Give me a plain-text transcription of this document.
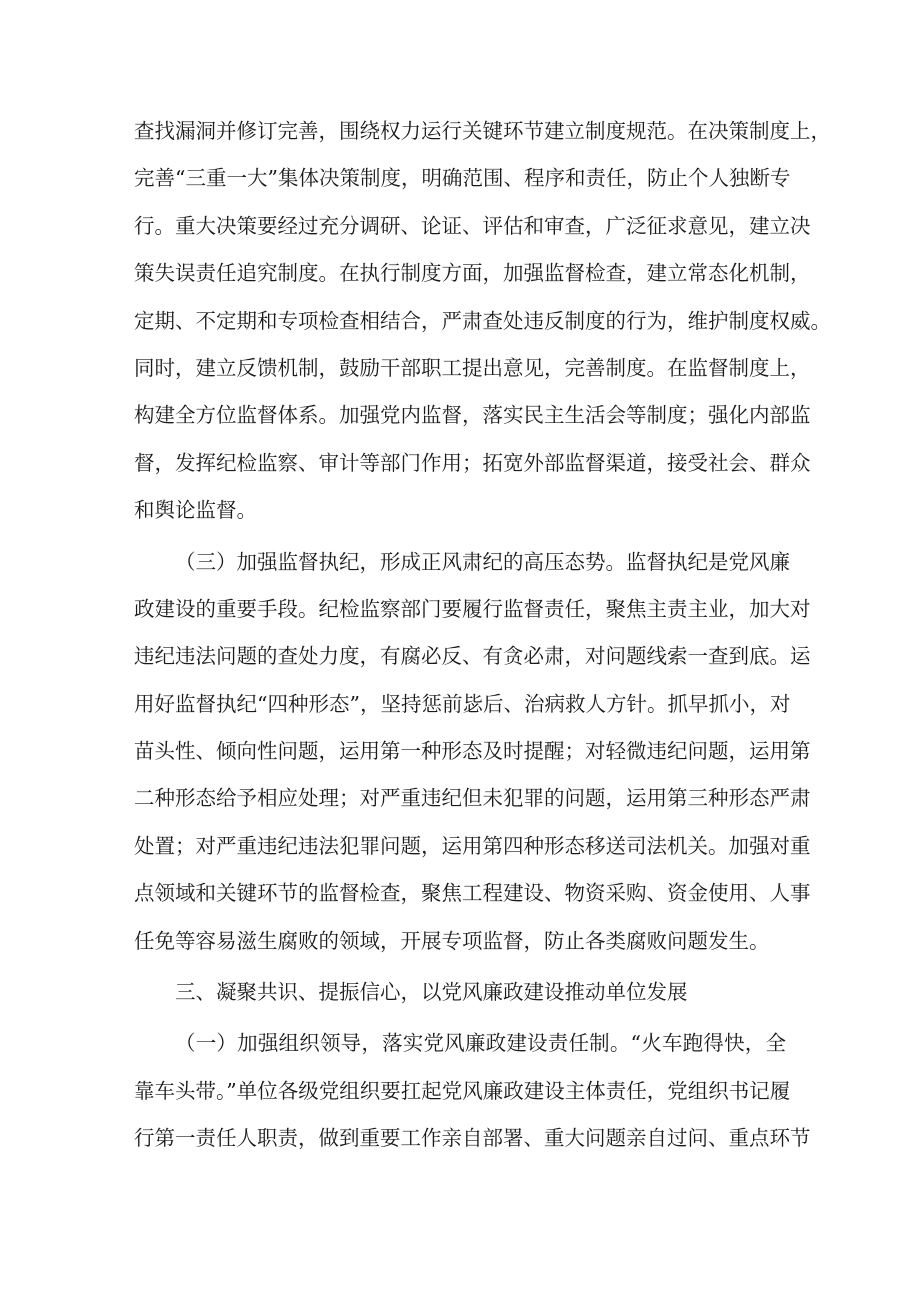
查找漏洞并修订完善，围绕权力运行关键环节建立制度规范。在决策制度上，
完善“三重一大”集体决策制度，明确范围、程序和责任，防止个人独断专
行。重大决策要经过充分调研、论证、评估和审查，广泛征求意见，建立决
策失误责任追究制度。在执行制度方面，加强监督检查，建立常态化机制，
定期、不定期和专项检查相结合，严肃查处违反制度的行为，维护制度权威。
同时，建立反馈机制，鼓励干部职工提出意见，完善制度。在监督制度上，
构建全方位监督体系。加强党内监督，落实民主生活会等制度；强化内部监
督，发挥纪检监察、审计等部门作用；拓宽外部监督渠道，接受社会、群众
和舆论监督。
（三）加强监督执纪，形成正风肃纪的高压态势。监督执纪是党风廉
政建设的重要手段。纪检监察部门要履行监督责任，聚焦主责主业，加大对
违纪违法问题的查处力度，有腐必反、有贪必肃，对问题线索一查到底。运
用好监督执纪“四种形态”，坚持惩前毖后、治病救人方针。抓早抓小，对
苗头性、倾向性问题，运用第一种形态及时提醒；对轻微违纪问题，运用第
二种形态给予相应处理；对严重违纪但未犯罪的问题，运用第三种形态严肃
处置；对严重违纪违法犯罪问题，运用第四种形态移送司法机关。加强对重
点领域和关键环节的监督检查，聚焦工程建设、物资采购、资金使用、人事
任免等容易滋生腐败的领域，开展专项监督，防止各类腐败问题发生。
三、凝聚共识、提振信心，以党风廉政建设推动单位发展
（一）加强组织领导，落实党风廉政建设责任制。“火车跑得快，全
靠车头带。”单位各级党组织要扛起党风廉政建设主体责任，党组织书记履
行第一责任人职责，做到重要工作亲自部署、重大问题亲自过问、重点环节
